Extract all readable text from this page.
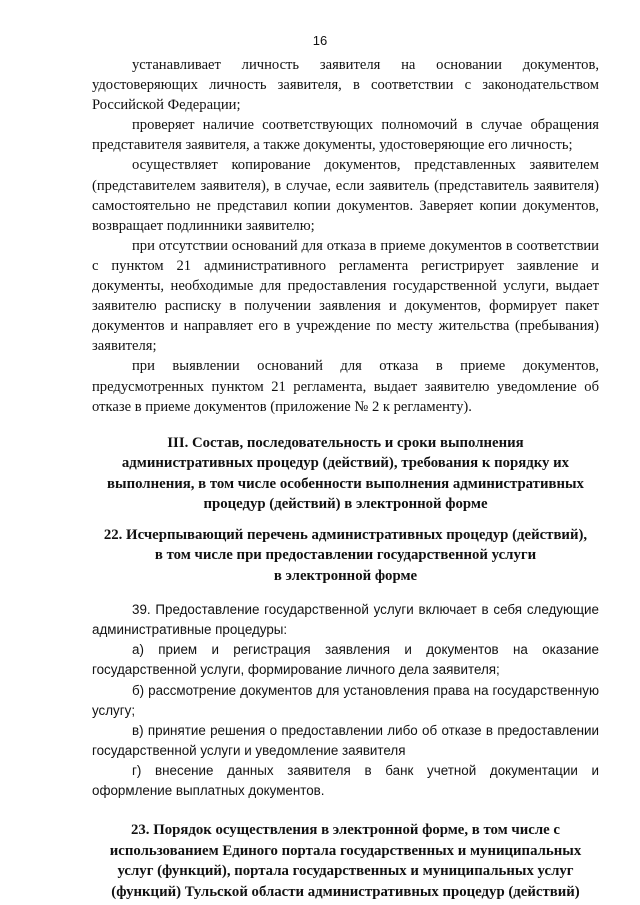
16

устанавливает личность заявителя на основании документов, удостоверяющих личность заявителя, в соответствии с законодательством Российской Федерации;

проверяет наличие соответствующих полномочий в случае обращения представителя заявителя, а также документы, удостоверяющие его личность;

осуществляет копирование документов, представленных заявителем (представителем заявителя), в случае, если заявитель (представитель заявителя) самостоятельно не представил копии документов. Заверяет копии документов, возвращает подлинники заявителю;

при отсутствии оснований для отказа в приеме документов в соответствии с пунктом 21 административного регламента регистрирует заявление и документы, необходимые для предоставления государственной услуги, выдает заявителю расписку в получении заявления и документов, формирует пакет документов и направляет его в учреждение по месту жительства (пребывания) заявителя;

при выявлении оснований для отказа в приеме документов, предусмотренных пунктом 21 регламента, выдает заявителю уведомление об отказе в приеме документов (приложение № 2 к регламенту).

III. Состав, последовательность и сроки выполнения
административных процедур (действий), требования к порядку их
выполнения, в том числе особенности выполнения административных
процедур (действий) в электронной форме
22. Исчерпывающий перечень административных процедур (действий),
в том числе при предоставлении государственной услуги
в электронной форме

39. Предоставление государственной услуги включает в себя следующие административные процедуры:

а) прием и регистрация заявления и документов на оказание государственной услуги, формирование личного дела заявителя;

б) рассмотрение документов для установления права на государственную услугу;

в) принятие решения о предоставлении либо об отказе в предоставлении государственной услуги и уведомление заявителя

г) внесение данных заявителя в банк учетной документации и оформление выплатных документов.

23. Порядок осуществления в электронной форме, в том числе с
использованием Единого портала государственных и муниципальных
услуг (функций), портала государственных и муниципальных услуг
(функций) Тульской области административных процедур (действий)
